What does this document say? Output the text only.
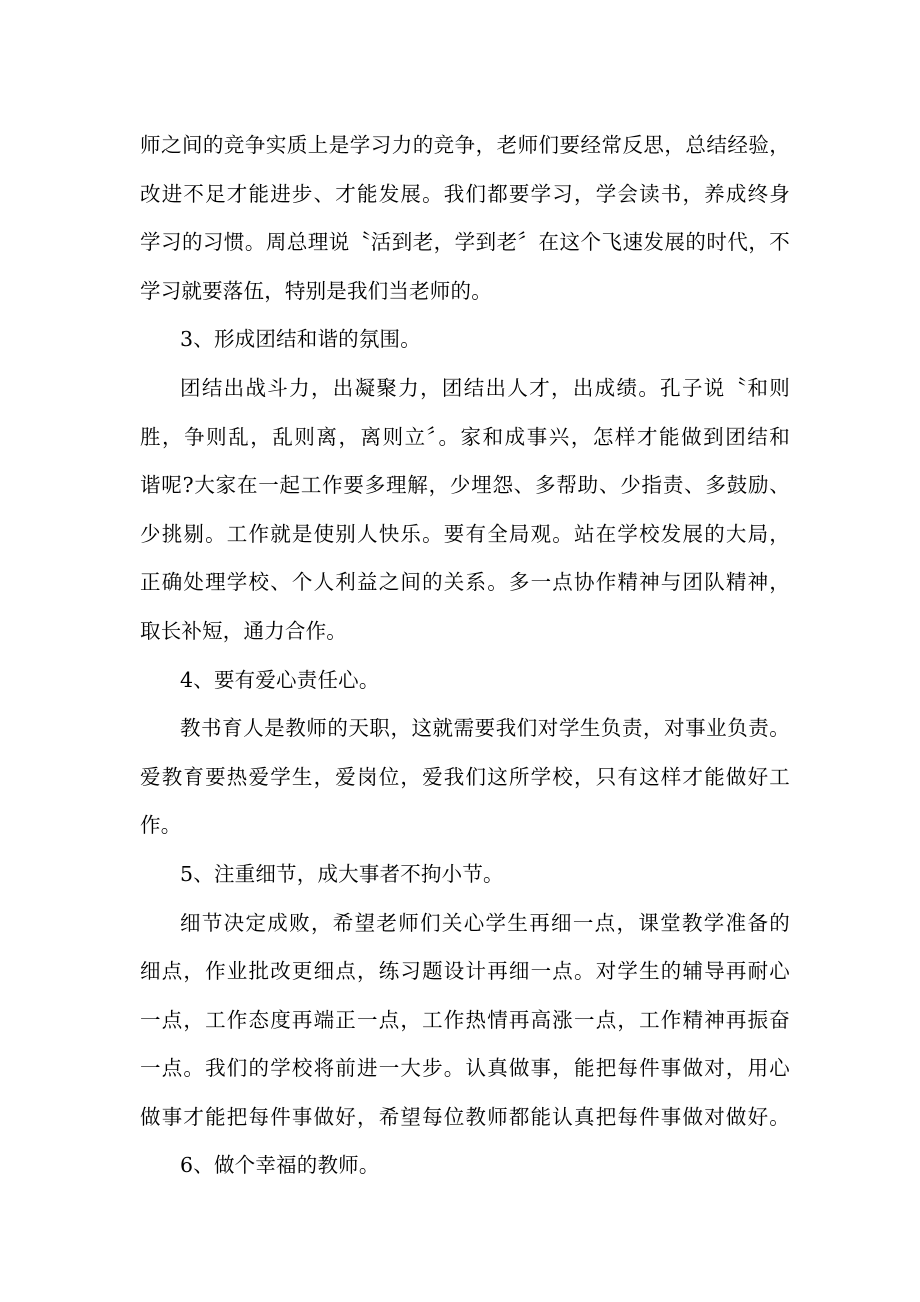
师之间的竞争实质上是学习力的竞争，老师们要经常反思，总结经验，
改进不足才能进步、才能发展。我们都要学习，学会读书，养成终身
学习的习惯。周总理说〝活到老，学到老〞在这个飞速发展的时代，不
学习就要落伍，特别是我们当老师的。
3、形成团结和谐的氛围。
团结出战斗力，出凝聚力，团结出人才，出成绩。孔子说〝和则
胜，争则乱，乱则离，离则立〞。家和成事兴，怎样才能做到团结和
谐呢?大家在一起工作要多理解，少埋怨、多帮助、少指责、多鼓励、
少挑剔。工作就是使别人快乐。要有全局观。站在学校发展的大局，
正确处理学校、个人利益之间的关系。多一点协作精神与团队精神，
取长补短，通力合作。
4、要有爱心责任心。
教书育人是教师的天职，这就需要我们对学生负责，对事业负责。
爱教育要热爱学生，爱岗位，爱我们这所学校，只有这样才能做好工
作。
5、注重细节，成大事者不拘小节。
细节决定成败，希望老师们关心学生再细一点，课堂教学准备的
细点，作业批改更细点，练习题设计再细一点。对学生的辅导再耐心
一点，工作态度再端正一点，工作热情再高涨一点，工作精神再振奋
一点。我们的学校将前进一大步。认真做事，能把每件事做对，用心
做事才能把每件事做好，希望每位教师都能认真把每件事做对做好。
6、做个幸福的教师。
